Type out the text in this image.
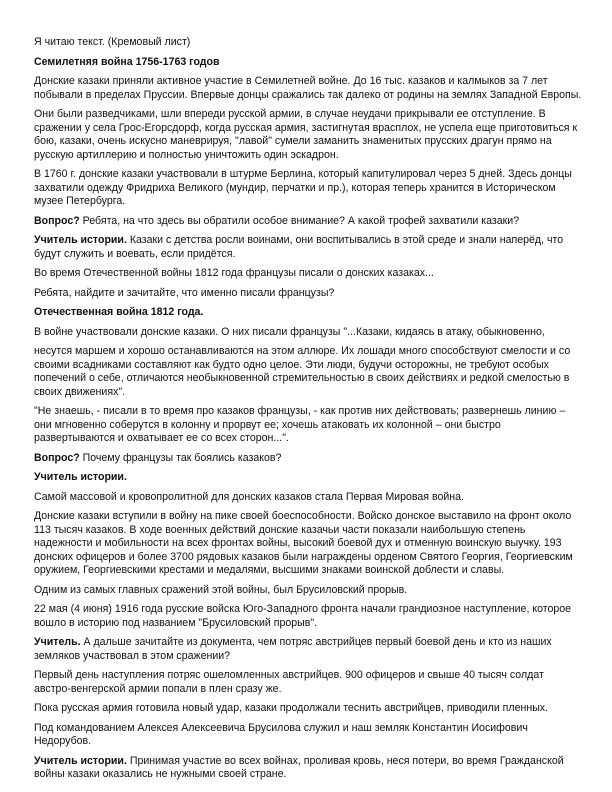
Я читаю текст. (Кремовый лист)

Семилетняя война 1756-1763 годов

Донские казаки приняли активное участие в Семилетней войне. До 16 тыс. казаков и калмыков за 7 лет побывали в пределах Пруссии. Впервые донцы сражались так далеко от родины на землях Западной Европы.

Они были разведчиками, шли впереди русской армии, в случае неудачи прикрывали ее отступление. В сражении у села Грос-Егорсдорф, когда русская армия, застигнутая врасплох, не успела еще приготовиться к бою, казаки, очень искусно маневрируя, "лавой" сумели заманить знаменитых прусских драгун прямо на русскую артиллерию и полностью уничтожить один эскадрон.

В 1760 г. донские казаки участвовали в штурме Берлина, который капитулировал через 5 дней. Здесь донцы захватили одежду Фридриха Великого (мундир, перчатки и пр.), которая теперь хранится в Историческом музее Петербурга.

Вопрос? Ребята, на что здесь вы обратили особое внимание? А какой трофей захватили казаки?

Учитель истории. Казаки с детства росли воинами, они воспитывались в этой среде и знали наперёд, что будут служить и воевать, если придётся.

Во время Отечественной войны 1812 года французы писали о донских казаках...

Ребята, найдите и зачитайте, что именно писали французы?

Отечественная война 1812 года.

В войне участвовали донские казаки. О них писали французы "...Казаки, кидаясь в атаку, обыкновенно,

несутся маршем и хорошо останавливаются на этом аллюре. Их лошади много способствуют смелости и со своими всадниками составляют как будто одно целое. Эти люди, будучи осторожны, не требуют особых попечений о себе, отличаются необыкновенной стремительностью в своих действиях и редкой смелостью в своих движениях".

"Не знаешь, - писали в то время про казаков французы, - как против них действовать; развернешь линию – они мгновенно соберутся в колонну и прорвут ее; хочешь атаковать их колонной – они быстро развертываются и охватывает ее со всех сторон...".

Вопрос? Почему французы так боялись казаков?

Учитель истории.

Самой массовой и кровопролитной для донских казаков стала Первая Мировая война.

Донские казаки вступили в войну на пике своей боеспособности. Войско донское выставило на фронт около 113 тысяч казаков. В ходе военных действий донские казачьи части показали наибольшую степень надежности и мобильности на всех фронтах войны, высокий боевой дух и отменную воинскую выучку. 193 донских офицеров и более 3700 рядовых казаков были награждены орденом Святого Георгия, Георгиевским оружием, Георгиевскими крестами и медалями, высшими знаками воинской доблести и славы.

Одним из самых главных сражений этой войны, был Брусиловский прорыв.

22 мая (4 июня) 1916 года русские войска Юго-Западного фронта начали грандиозное наступление, которое вошло в историю под названием "Брусиловский прорыв".

Учитель. А дальше зачитайте из документа, чем потряс австрийцев первый боевой день и кто из наших земляков участвовал в этом сражении?

Первый день наступления потряс ошеломленных австрийцев. 900 офицеров и свыше 40 тысяч солдат австро-венгерской армии попали в плен сразу же.

Пока русская армия готовила новый удар, казаки продолжали теснить австрийцев, приводили пленных.

Под командованием Алексея Алексеевича Брусилова служил и наш земляк Константин Иосифович Недорубов.

Учитель истории. Принимая участие во всех войнах, проливая кровь, неся потери, во время Гражданской войны казаки оказались не нужными своей стране.
